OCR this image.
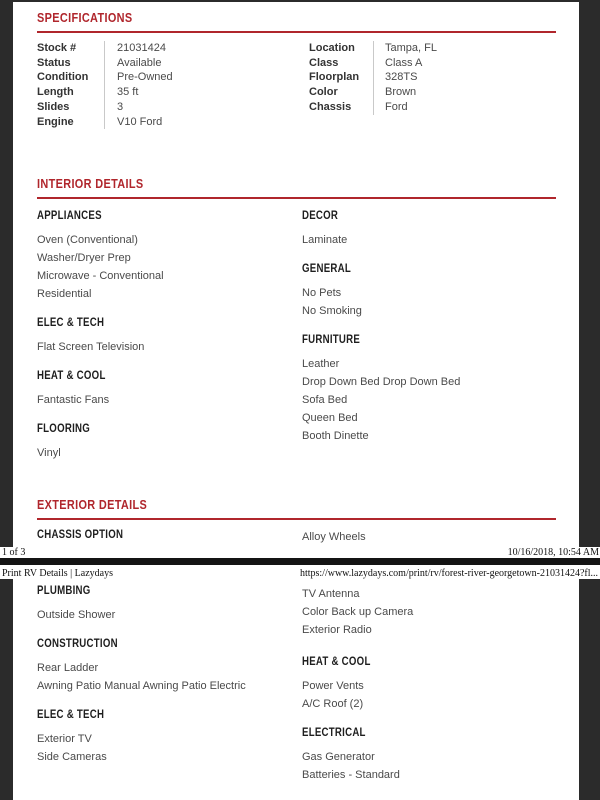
SPECIFICATIONS
Stock #	21031424
Status	Available
Condition	Pre-Owned
Length	35 ft
Slides	3
Engine	V10 Ford
Location	Tampa, FL
Class	Class A
Floorplan	328TS
Color	Brown
Chassis	Ford
INTERIOR DETAILS
APPLIANCES
Oven (Conventional)
Washer/Dryer Prep
Microwave - Conventional
Residential
ELEC & TECH
Flat Screen Television
HEAT & COOL
Fantastic Fans
FLOORING
Vinyl
DECOR
Laminate
GENERAL
No Pets
No Smoking
FURNITURE
Leather
Drop Down Bed Drop Down Bed
Sofa Bed
Queen Bed
Booth Dinette
EXTERIOR DETAILS
CHASSIS OPTION	Alloy Wheels
1 of 3	10/16/2018, 10:54 AM
Print RV Details | Lazydays	https://www.lazydays.com/print/rv/forest-river-georgetown-21031424?fl...
PLUMBING
Outside Shower
CONSTRUCTION
Rear Ladder
Awning Patio Manual Awning Patio Electric
ELEC & TECH
Exterior TV
Side Cameras
TV Antenna
Color Back up Camera
Exterior Radio
HEAT & COOL
Power Vents
A/C Roof (2)
ELECTRICAL
Gas Generator
Batteries - Standard
